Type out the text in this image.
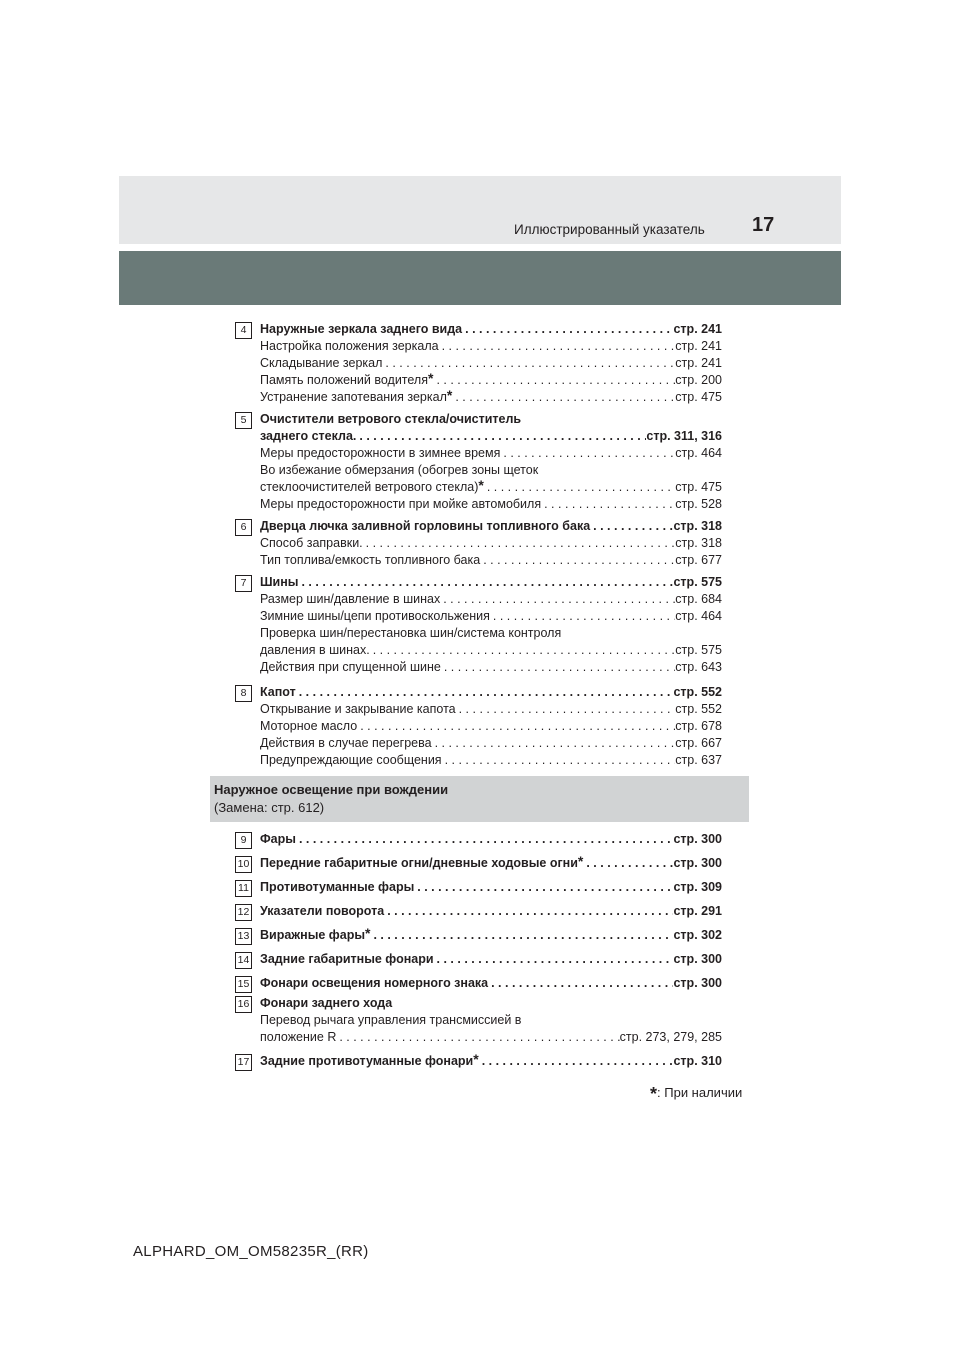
Иллюстрированный указатель 17
4	Наружные зеркала заднего вида . . .	стр. 241
Настройка положения зеркала . . .	стр. 241
Складывание зеркал . . .	стр. 241
Память положений водителя* . . .	стр. 200
Устранение запотевания зеркал* . . .	стр. 475
5	Очистители ветрового стекла/очиститель
заднего стекла. . . .	стр. 311, 316
Меры предосторожности в зимнее время . . .	стр. 464
Во избежание обмерзания (обогрев зоны щеток
стеклоочистителей ветрового стекла)* . . .	стр. 475
Меры предосторожности при мойке автомобиля . . .	стр. 528
6	Дверца лючка заливной горловины топливного бака . . .	стр. 318
Способ заправки. . . .	стр. 318
Тип топлива/емкость топливного бака . . .	стр. 677
7	Шины . . .	стр. 575
Размер шин/давление в шинах . . .	стр. 684
Зимние шины/цепи противоскольжения . . .	стр. 464
Проверка шин/перестановка шин/система контроля
давления в шинах. . . .	стр. 575
Действия при спущенной шине . . .	стр. 643
8	Капот . . .	стр. 552
Открывание и закрывание капота . . .	стр. 552
Моторное масло . . .	стр. 678
Действия в случае перегрева . . .	стр. 667
Предупреждающие сообщения . . .	стр. 637
Наружное освещение при вождении
(Замена: стр. 612)
9	Фары . . .	стр. 300
10 Передние габаритные огни/дневные ходовые огни* . . .	стр. 300
11 Противотуманные фары . . .	стр. 309
12 Указатели поворота . . .	стр. 291
13 Виражные фары* . . .	стр. 302
14 Задние габаритные фонари . . .	стр. 300
15 Фонари освещения номерного знака . . .	стр. 300
16 Фонари заднего хода
Перевод рычага управления трансмиссией в
положение R . . .	стр. 273, 279, 285
17 Задние противотуманные фонари* . . .	стр. 310
*: При наличии
ALPHARD_OM_OM58235R_(RR)
